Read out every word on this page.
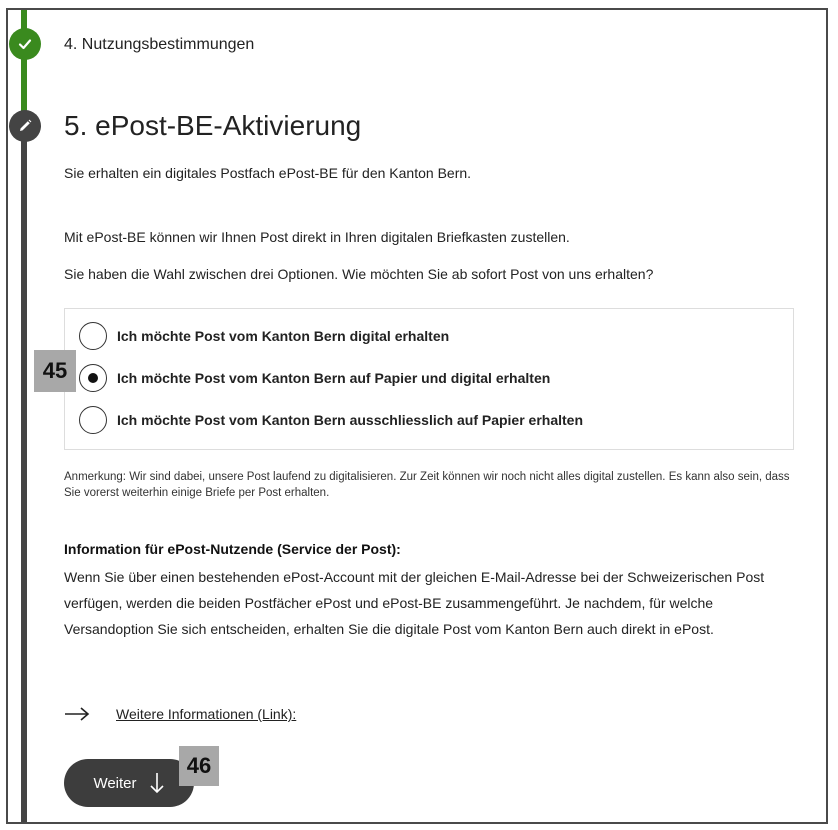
4. Nutzungsbestimmungen
5. ePost-BE-Aktivierung
Sie erhalten ein digitales Postfach ePost-BE für den Kanton Bern.
Mit ePost-BE können wir Ihnen Post direkt in Ihren digitalen Briefkasten zustellen.
Sie haben die Wahl zwischen drei Optionen. Wie möchten Sie ab sofort Post von uns erhalten?
Ich möchte Post vom Kanton Bern digital erhalten
Ich möchte Post vom Kanton Bern auf Papier und digital erhalten
Ich möchte Post vom Kanton Bern ausschliesslich auf Papier erhalten
45
Anmerkung: Wir sind dabei, unsere Post laufend zu digitalisieren. Zur Zeit können wir noch nicht alles digital zustellen. Es kann also sein, dass Sie vorerst weiterhin einige Briefe per Post erhalten.
Information für ePost-Nutzende (Service der Post):
Wenn Sie über einen bestehenden ePost-Account mit der gleichen E-Mail-Adresse bei der Schweizerischen Post verfügen, werden die beiden Postfächer ePost und ePost-BE zusammengeführt. Je nachdem, für welche Versandoption Sie sich entscheiden, erhalten Sie die digitale Post vom Kanton Bern auch direkt in ePost.
Weitere Informationen (Link):
Weiter
46
